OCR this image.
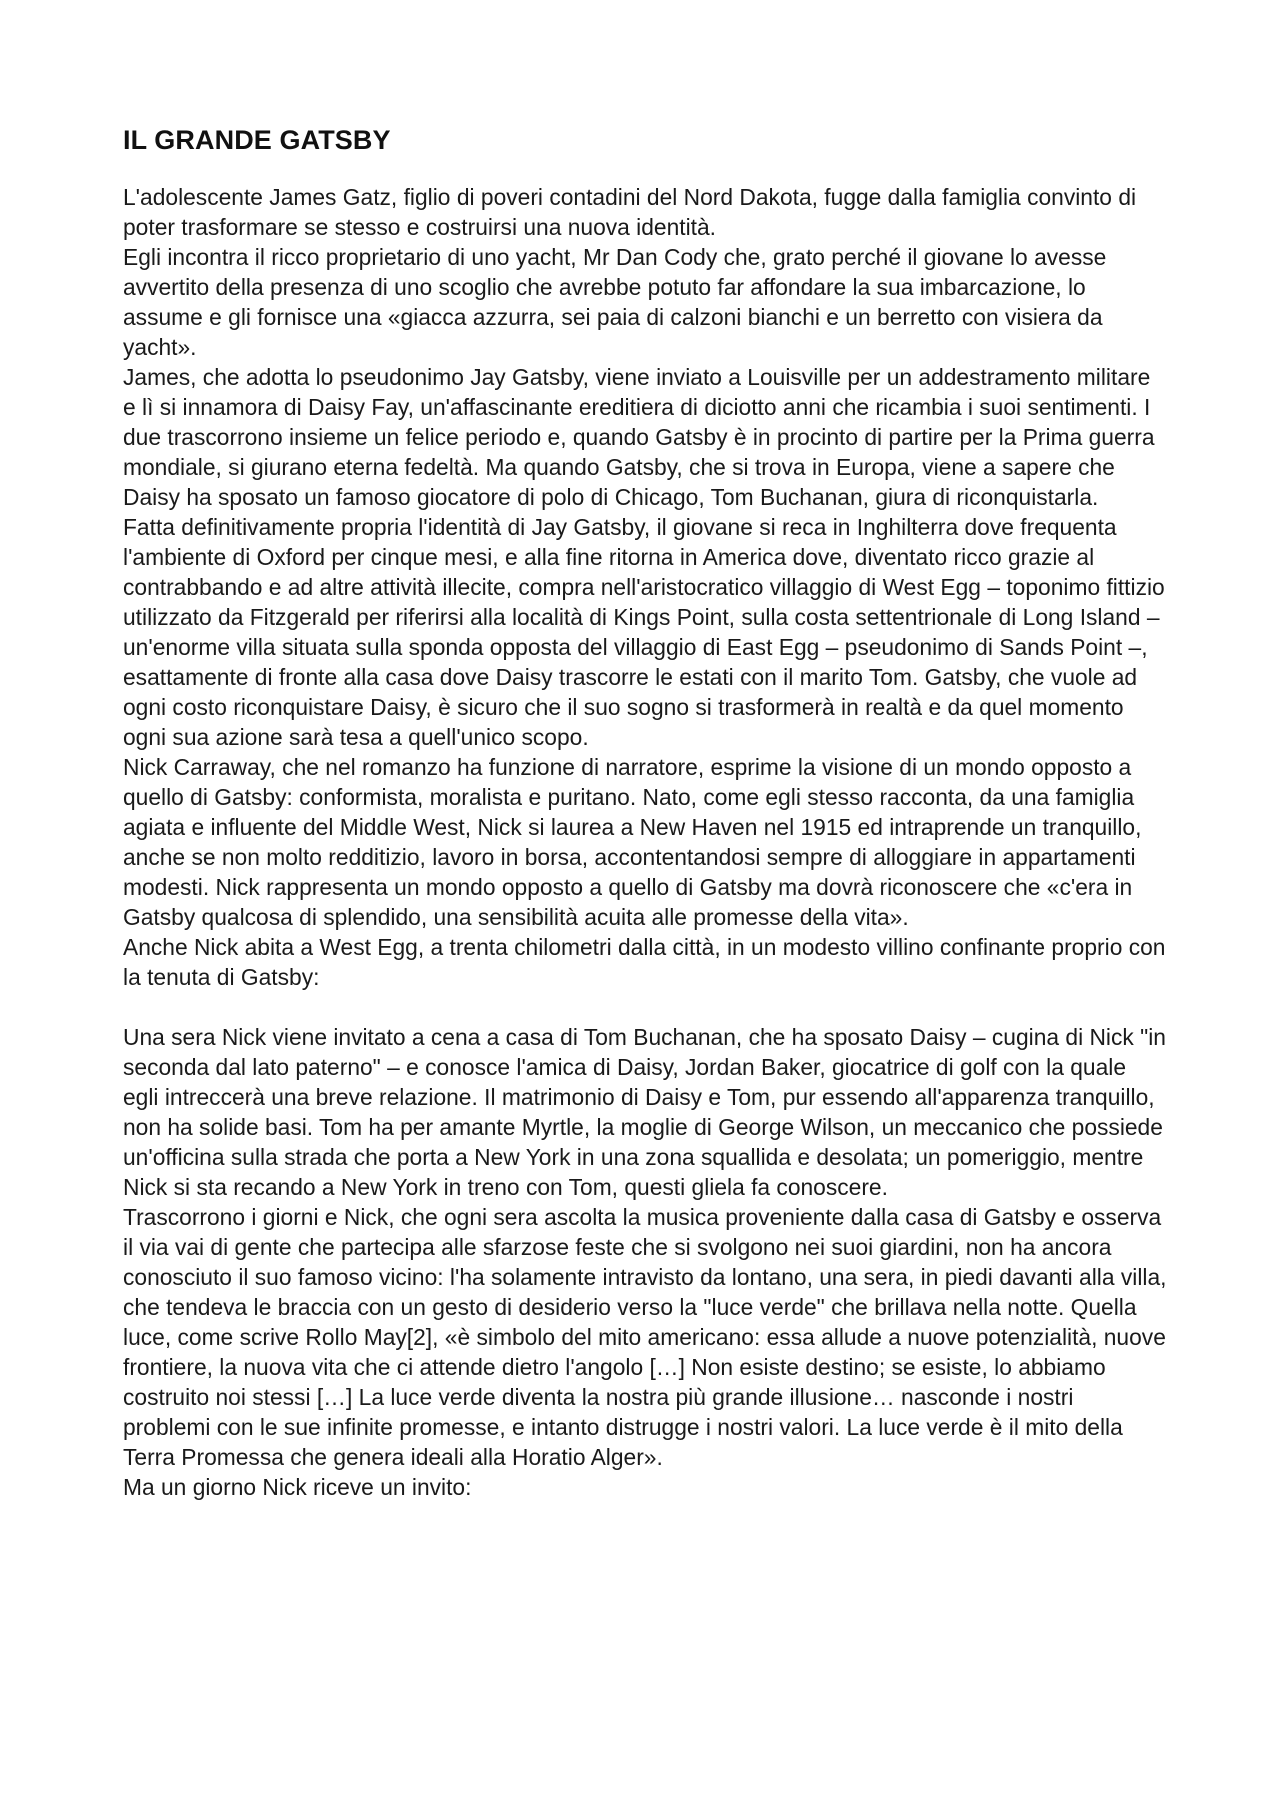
IL GRANDE GATSBY

L'adolescente James Gatz, figlio di poveri contadini del Nord Dakota, fugge dalla famiglia convinto di poter trasformare se stesso e costruirsi una nuova identità.

Egli incontra il ricco proprietario di uno yacht, Mr Dan Cody che, grato perché il giovane lo avesse avvertito della presenza di uno scoglio che avrebbe potuto far affondare la sua imbarcazione, lo assume e gli fornisce una «giacca azzurra, sei paia di calzoni bianchi e un berretto con visiera da yacht».

James, che adotta lo pseudonimo Jay Gatsby, viene inviato a Louisville per un addestramento militare e lì si innamora di Daisy Fay, un'affascinante ereditiera di diciotto anni che ricambia i suoi sentimenti. I due trascorrono insieme un felice periodo e, quando Gatsby è in procinto di partire per la Prima guerra mondiale, si giurano eterna fedeltà. Ma quando Gatsby, che si trova in Europa, viene a sapere che Daisy ha sposato un famoso giocatore di polo di Chicago, Tom Buchanan, giura di riconquistarla.

Fatta definitivamente propria l'identità di Jay Gatsby, il giovane si reca in Inghilterra dove frequenta l'ambiente di Oxford per cinque mesi, e alla fine ritorna in America dove, diventato ricco grazie al contrabbando e ad altre attività illecite, compra nell'aristocratico villaggio di West Egg – toponimo fittizio utilizzato da Fitzgerald per riferirsi alla località di Kings Point, sulla costa settentrionale di Long Island – un'enorme villa situata sulla sponda opposta del villaggio di East Egg – pseudonimo di Sands Point –, esattamente di fronte alla casa dove Daisy trascorre le estati con il marito Tom. Gatsby, che vuole ad ogni costo riconquistare Daisy, è sicuro che il suo sogno si trasformerà in realtà e da quel momento ogni sua azione sarà tesa a quell'unico scopo.

Nick Carraway, che nel romanzo ha funzione di narratore, esprime la visione di un mondo opposto a quello di Gatsby: conformista, moralista e puritano. Nato, come egli stesso racconta, da una famiglia agiata e influente del Middle West, Nick si laurea a New Haven nel 1915 ed intraprende un tranquillo, anche se non molto redditizio, lavoro in borsa, accontentandosi sempre di alloggiare in appartamenti modesti. Nick rappresenta un mondo opposto a quello di Gatsby ma dovrà riconoscere che «c'era in Gatsby qualcosa di splendido, una sensibilità acuita alle promesse della vita».

Anche Nick abita a West Egg, a trenta chilometri dalla città, in un modesto villino confinante proprio con la tenuta di Gatsby:

Una sera Nick viene invitato a cena a casa di Tom Buchanan, che ha sposato Daisy – cugina di Nick "in seconda dal lato paterno" – e conosce l'amica di Daisy, Jordan Baker, giocatrice di golf con la quale egli intreccerà una breve relazione. Il matrimonio di Daisy e Tom, pur essendo all'apparenza tranquillo, non ha solide basi. Tom ha per amante Myrtle, la moglie di George Wilson, un meccanico che possiede un'officina sulla strada che porta a New York in una zona squallida e desolata; un pomeriggio, mentre Nick si sta recando a New York in treno con Tom, questi gliela fa conoscere.

Trascorrono i giorni e Nick, che ogni sera ascolta la musica proveniente dalla casa di Gatsby e osserva il via vai di gente che partecipa alle sfarzose feste che si svolgono nei suoi giardini, non ha ancora conosciuto il suo famoso vicino: l'ha solamente intravisto da lontano, una sera, in piedi davanti alla villa, che tendeva le braccia con un gesto di desiderio verso la "luce verde" che brillava nella notte. Quella luce, come scrive Rollo May[2], «è simbolo del mito americano: essa allude a nuove potenzialità, nuove frontiere, la nuova vita che ci attende dietro l'angolo […] Non esiste destino; se esiste, lo abbiamo costruito noi stessi […] La luce verde diventa la nostra più grande illusione… nasconde i nostri problemi con le sue infinite promesse, e intanto distrugge i nostri valori. La luce verde è il mito della Terra Promessa che genera ideali alla Horatio Alger».

Ma un giorno Nick riceve un invito:
